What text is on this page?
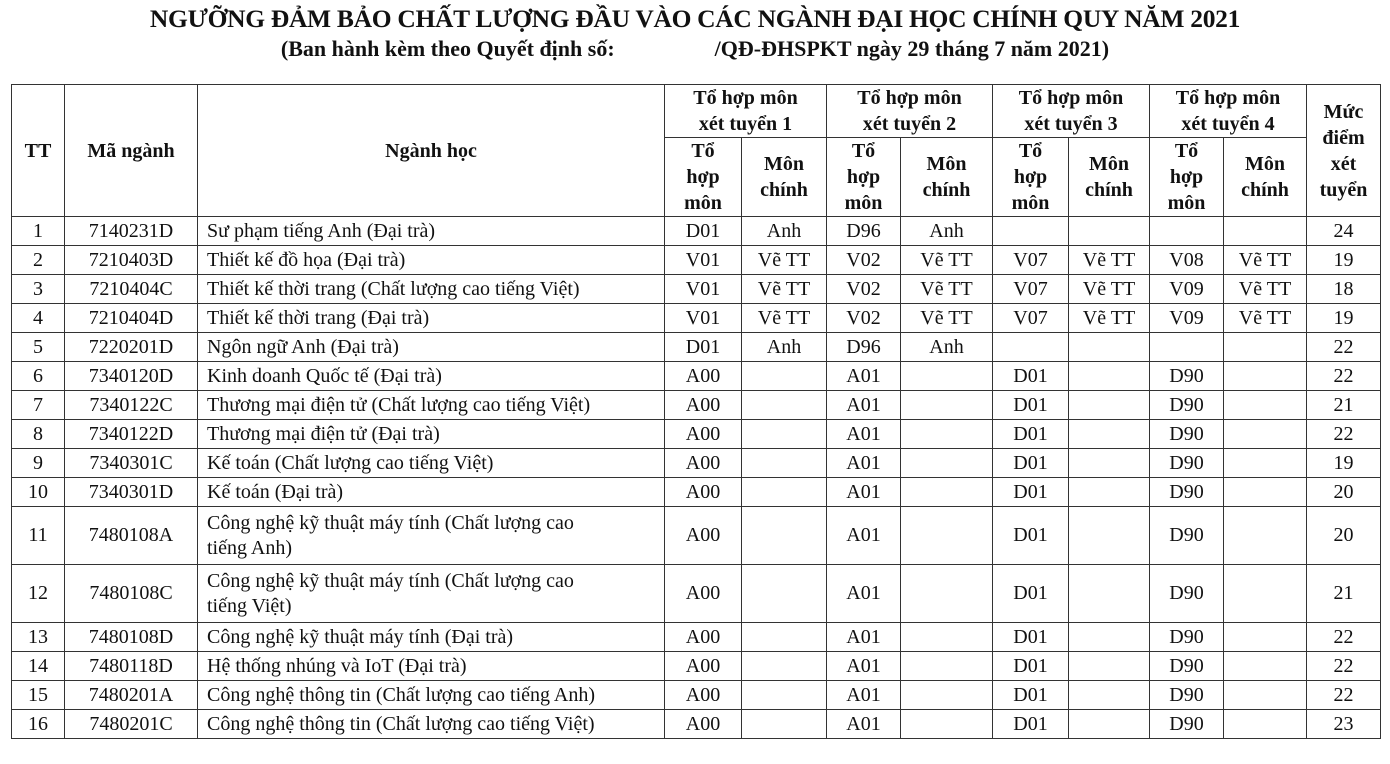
NGƯỠNG ĐẢM BẢO CHẤT LƯỢNG ĐẦU VÀO CÁC NGÀNH ĐẠI HỌC CHÍNH QUY NĂM 2021
(Ban hành kèm theo Quyết định số:	/QĐ-ĐHSPKT ngày 29 tháng 7 năm 2021)
TT	Mã ngành	Ngành học	Tổ hợp môn xét tuyển 1		Tổ hợp môn xét tuyển 2		Tổ hợp môn xét tuyển 3		Tổ hợp môn xét tuyển 4		Mức điểm xét tuyển
			Tổ hợp môn	Môn chính	Tổ hợp môn	Môn chính	Tổ hợp môn	Môn chính	Tổ hợp môn	Môn chính	
1	7140231D	Sư phạm tiếng Anh (Đại trà)	D01	Anh	D96	Anh					24
2	7210403D	Thiết kế đồ họa (Đại trà)	V01	Vẽ TT	V02	Vẽ TT	V07	Vẽ TT	V08	Vẽ TT	19
3	7210404C	Thiết kế thời trang (Chất lượng cao tiếng Việt)	V01	Vẽ TT	V02	Vẽ TT	V07	Vẽ TT	V09	Vẽ TT	18
4	7210404D	Thiết kế thời trang (Đại trà)	V01	Vẽ TT	V02	Vẽ TT	V07	Vẽ TT	V09	Vẽ TT	19
5	7220201D	Ngôn ngữ Anh (Đại trà)	D01	Anh	D96	Anh					22
6	7340120D	Kinh doanh Quốc tế (Đại trà)	A00		A01		D01		D90		22
7	7340122C	Thương mại điện tử (Chất lượng cao tiếng Việt)	A00		A01		D01		D90		21
8	7340122D	Thương mại điện tử (Đại trà)	A00		A01		D01		D90		22
9	7340301C	Kế toán (Chất lượng cao tiếng Việt)	A00		A01		D01		D90		19
10	7340301D	Kế toán (Đại trà)	A00		A01		D01		D90		20
11	7480108A	Công nghệ kỹ thuật máy tính (Chất lượng cao tiếng Anh)	A00		A01		D01		D90		20
12	7480108C	Công nghệ kỹ thuật máy tính (Chất lượng cao tiếng Việt)	A00		A01		D01		D90		21
13	7480108D	Công nghệ kỹ thuật máy tính (Đại trà)	A00		A01		D01		D90		22
14	7480118D	Hệ thống nhúng và IoT (Đại trà)	A00		A01		D01		D90		22
15	7480201A	Công nghệ thông tin (Chất lượng cao tiếng Anh)	A00		A01		D01		D90		22
16	7480201C	Công nghệ thông tin (Chất lượng cao tiếng Việt)	A00		A01		D01		D90		23
